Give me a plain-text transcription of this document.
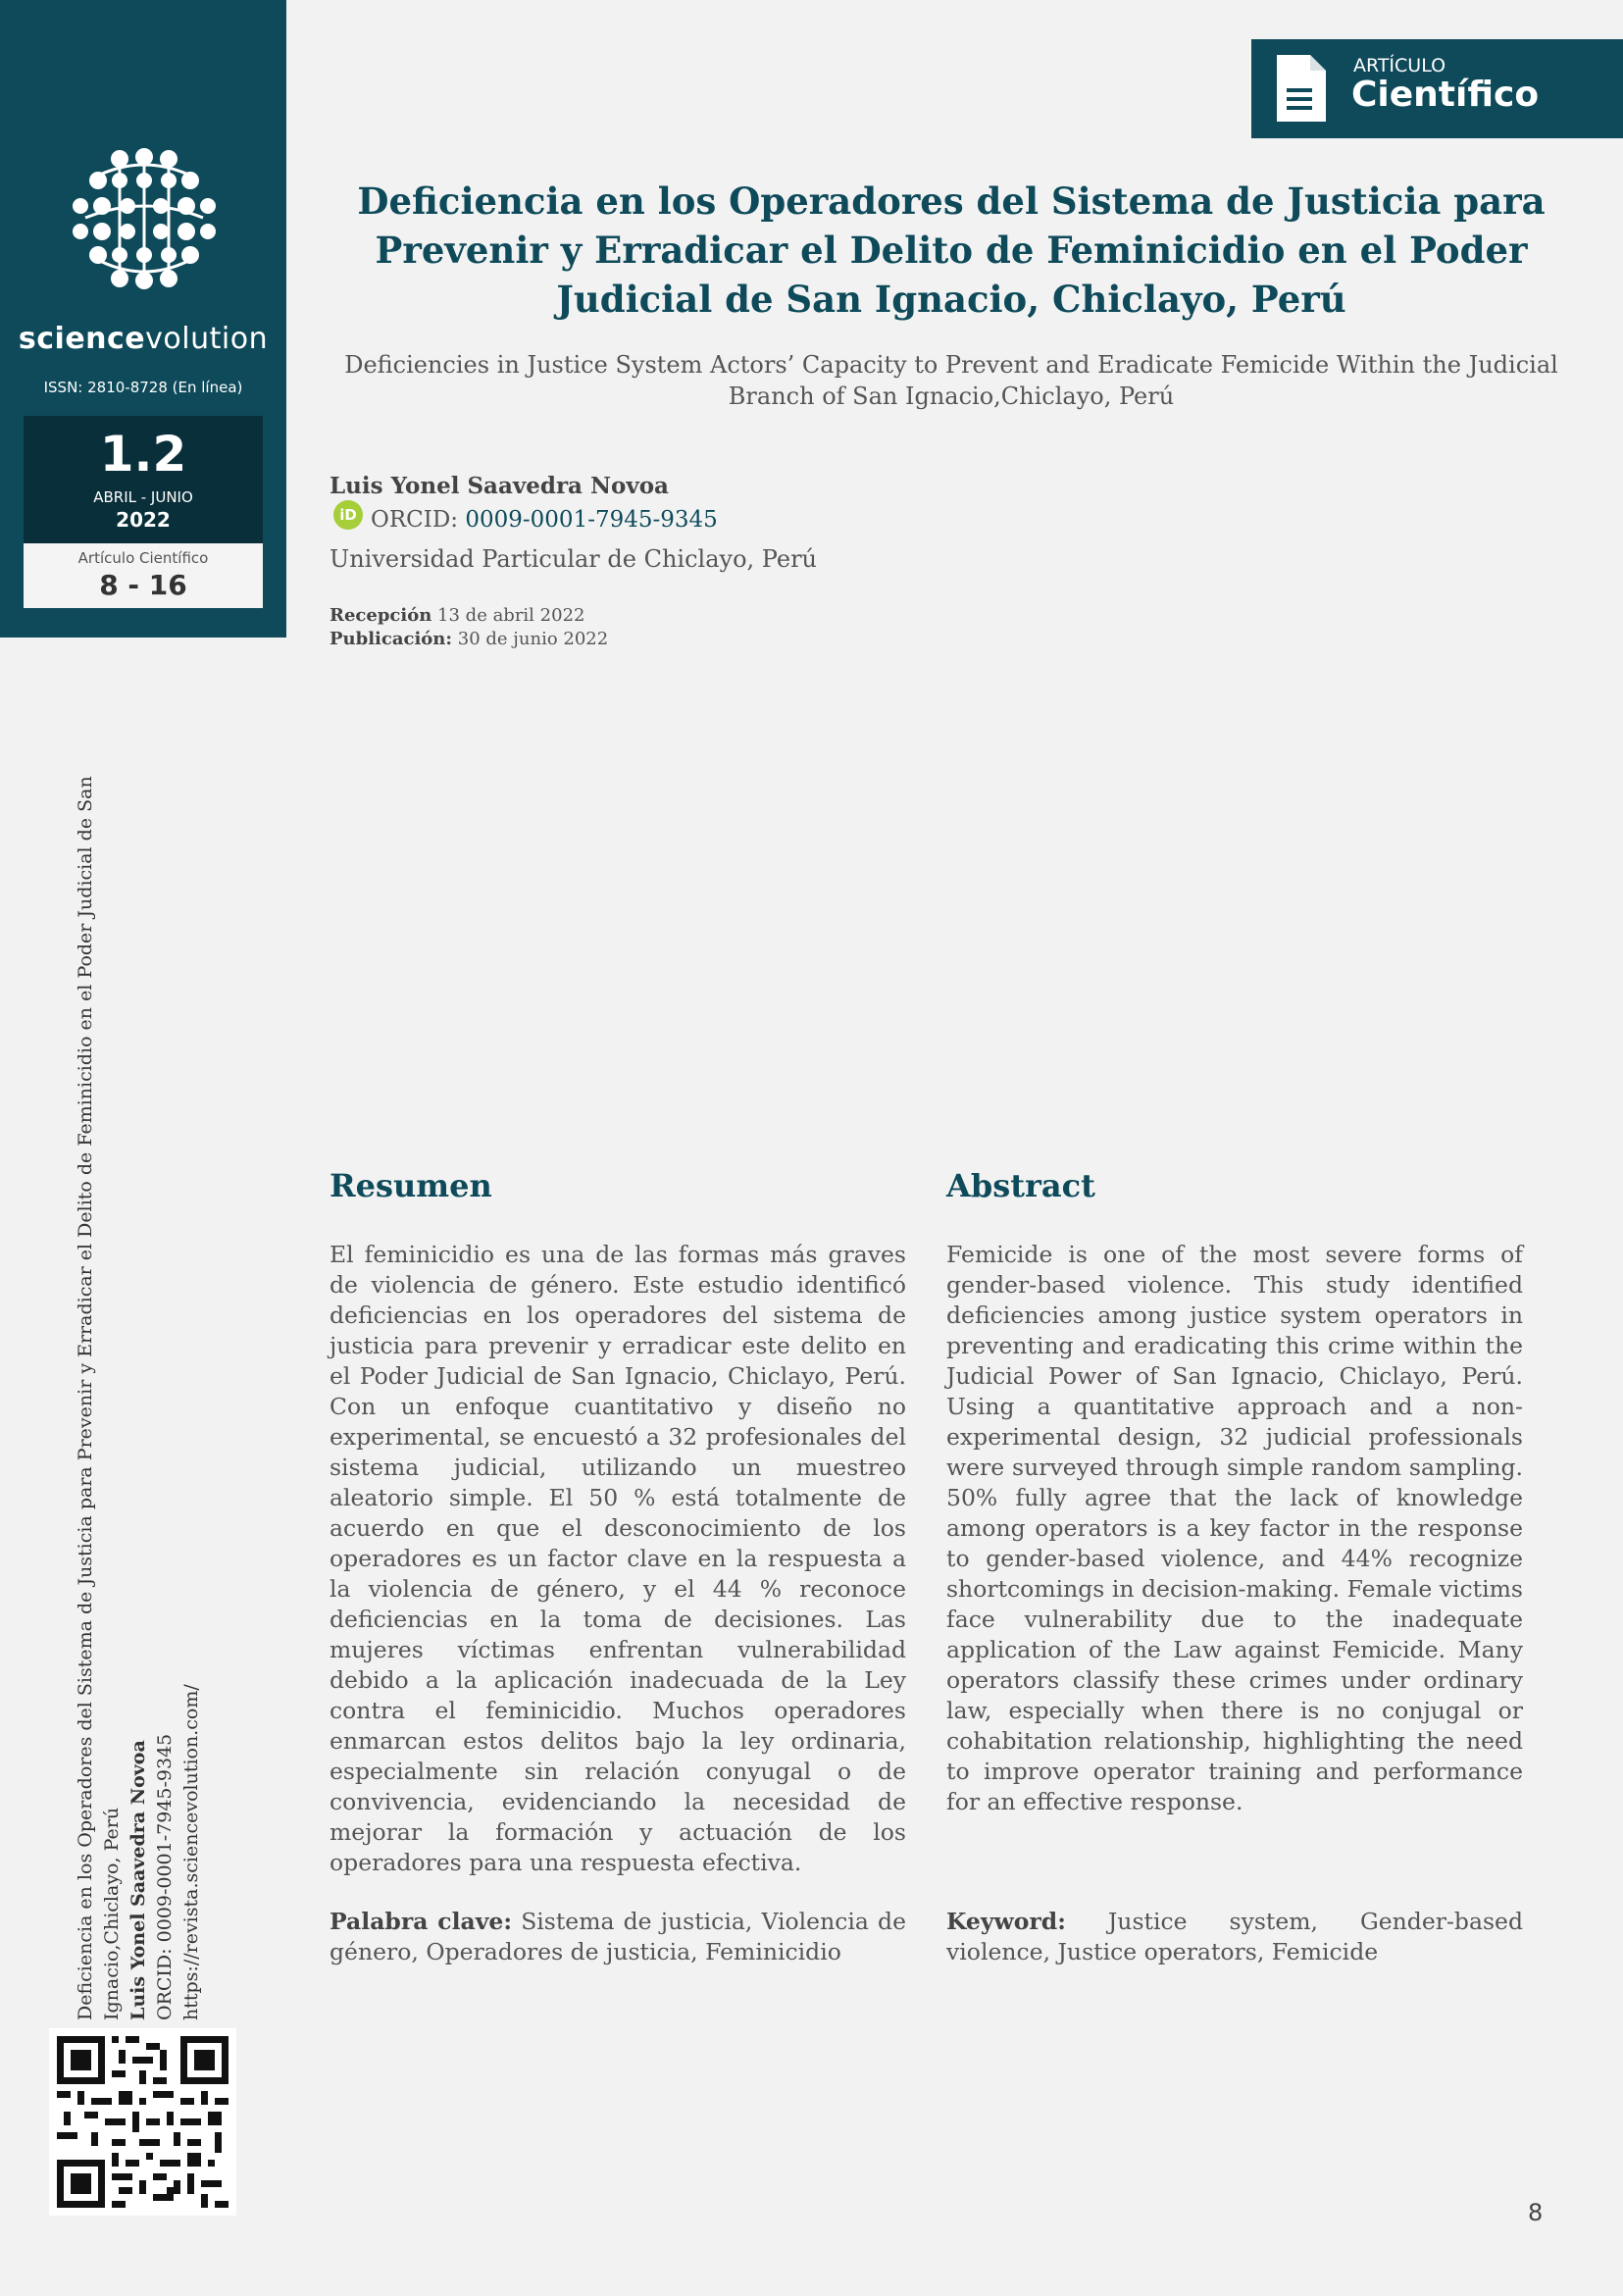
sciencevolution
ISSN: 2810-8728 (En línea)
1.2
ABRIL - JUNIO
2022
Artículo Científico
8 - 16
ARTÍCULO
Científico
Deficiencia en los Operadores del Sistema de Justicia para Prevenir y Erradicar el Delito de Feminicidio en el Poder Judicial de San Ignacio, Chiclayo, Perú
Deficiencies in Justice System Actors’ Capacity to Prevent and Eradicate Femicide Within the Judicial Branch of San Ignacio,Chiclayo, Perú
Luis Yonel Saavedra Novoa
iD ORCID: 0009-0001-7945-9345
Universidad Particular de Chiclayo, Perú
Recepción 13 de abril 2022
Publicación: 30 de junio 2022
Resumen

El feminicidio es una de las formas más graves de violencia de género. Este estudio identificó deficiencias en los operadores del sistema de justicia para prevenir y erradicar este delito en el Poder Judicial de San Ignacio, Chiclayo, Perú. Con un enfoque cuantitativo y diseño no experimental, se encuestó a 32 profesionales del sistema judicial, utilizando un muestreo aleatorio simple. El 50 % está totalmente de acuerdo en que el desconocimiento de los operadores es un factor clave en la respuesta a la violencia de género, y el 44 % reconoce deficiencias en la toma de decisiones. Las mujeres víctimas enfrentan vulnerabilidad debido a la aplicación inadecuada de la Ley contra el feminicidio. Muchos operadores enmarcan estos delitos bajo la ley ordinaria, especialmente sin relación conyugal o de convivencia, evidenciando la necesidad de mejorar la formación y actuación de los operadores para una respuesta efectiva.

Palabra clave: Sistema de justicia, Violencia de género, Operadores de justicia, Feminicidio

Abstract

Femicide is one of the most severe forms of gender-based violence. This study identified deficiencies among justice system operators in preventing and eradicating this crime within the Judicial Power of San Ignacio, Chiclayo, Perú. Using a quantitative approach and a non-experimental design, 32 judicial professionals were surveyed through simple random sampling. 50% fully agree that the lack of knowledge among operators is a key factor in the response to gender-based violence, and 44% recognize shortcomings in decision-making. Female victims face vulnerability due to the inadequate application of the Law against Femicide. Many operators classify these crimes under ordinary law, especially when there is no conjugal or cohabitation relationship, highlighting the need to improve operator training and performance for an effective response.

Keyword: Justice system, Gender-based violence, Justice operators, Femicide

Deficiencia en los Operadores del Sistema de Justicia para Prevenir y Erradicar el Delito de Feminicidio en el Poder Judicial de San Ignacio,Chiclayo, Perú Luis Yonel Saavedra Novoa ORCID: 0009-0001-7945-9345 https://revista.sciencevolution.com/
8
